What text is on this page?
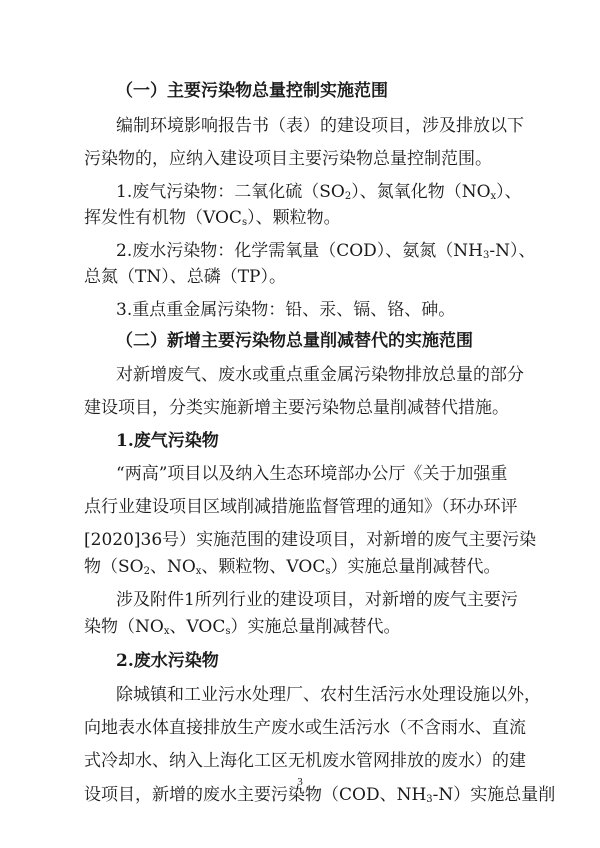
（一）主要污染物总量控制实施范围
编制环境影响报告书（表）的建设项目，涉及排放以下
污染物的，应纳入建设项目主要污染物总量控制范围。
1.废气污染物：二氧化硫$(SO_2)$、氮氧化物$(NO_x)$、
挥发性有机物$(VOC_s)$、颗粒物。
2.废水污染物：化学需氧量（COD）、氨氮$(NH_3-N)$、
总氮（TN）、总磷（TP）。
3.重点重金属污染物：铅、汞、镉、铬、砷。
（二）新增主要污染物总量削减替代的实施范围
对新增废气、废水或重点重金属污染物排放总量的部分
建设项目，分类实施新增主要污染物总量削减替代措施。
1.废气污染物
“两高”项目以及纳入生态环境部办公厅《关于加强重
点行业建设项目区域削减措施监督管理的通知》（环办环评
[2020]36号）实施范围的建设项目，对新增的废气主要污染
物（$SO_2$、$NO_x$、颗粒物、$VOC_s$）实施总量削减替代。
涉及附件1所列行业的建设项目，对新增的废气主要污
染物（$NO_x$、$VOC_s$）实施总量削减替代。
2.废水污染物
除城镇和工业污水处理厂、农村生活污水处理设施以外，
向地表水体直接排放生产废水或生活污水（不含雨水、直流
式冷却水、纳入上海化工区无机废水管网排放的废水）的建
设项目，新增的废水主要污染物（COD、$NH_3-N$）实施总量削
3
